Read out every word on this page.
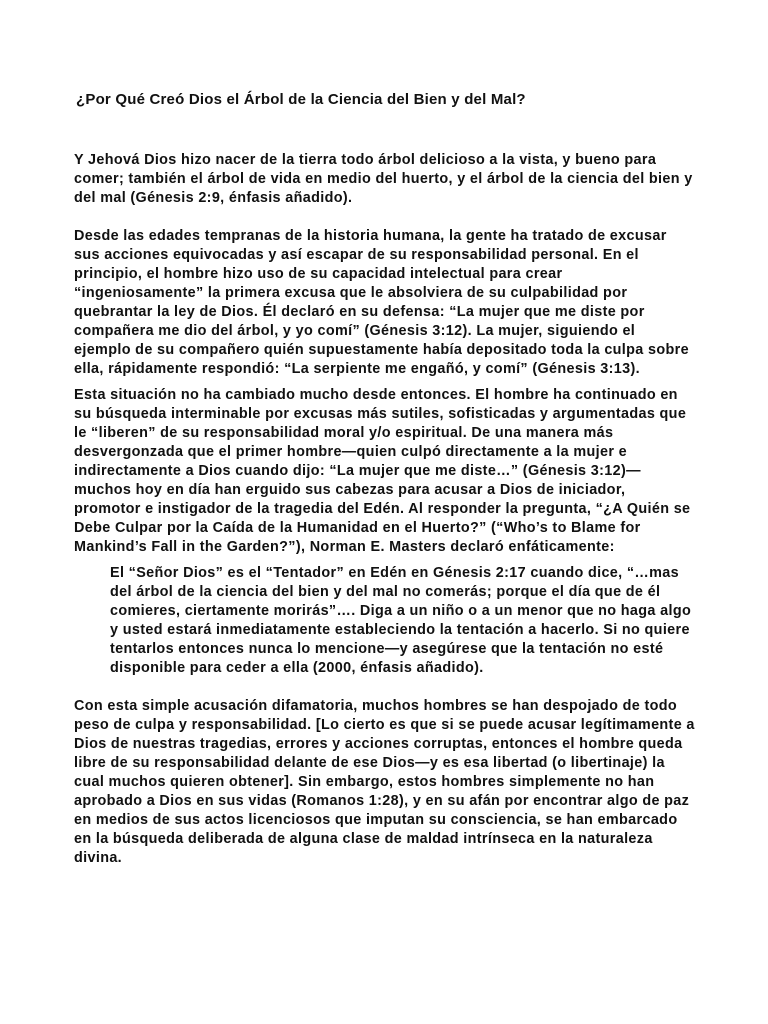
¿Por Qué Creó Dios el Árbol de la Ciencia del Bien y del Mal?

Y Jehová Dios hizo nacer de la tierra todo árbol delicioso a la vista, y bueno para comer; también el árbol de vida en medio del huerto, y el árbol de la ciencia del bien y del mal (Génesis 2:9, énfasis añadido).

Desde las edades tempranas de la historia humana, la gente ha tratado de excusar sus acciones equivocadas y así escapar de su responsabilidad personal. En el principio, el hombre hizo uso de su capacidad intelectual para crear “ingeniosamente” la primera excusa que le absolviera de su culpabilidad por quebrantar la ley de Dios. Él declaró en su defensa: “La mujer que me diste por compañera me dio del árbol, y yo comí” (Génesis 3:12). La mujer, siguiendo el ejemplo de su compañero quién supuestamente había depositado toda la culpa sobre ella, rápidamente respondió: “La serpiente me engañó, y comí” (Génesis 3:13).

Esta situación no ha cambiado mucho desde entonces. El hombre ha continuado en su búsqueda interminable por excusas más sutiles, sofisticadas y argumentadas que le “liberen” de su responsabilidad moral y/o espiritual. De una manera más desvergonzada que el primer hombre—quien culpó directamente a la mujer e indirectamente a Dios cuando dijo: “La mujer que me diste…” (Génesis 3:12)—muchos hoy en día han erguido sus cabezas para acusar a Dios de iniciador, promotor e instigador de la tragedia del Edén. Al responder la pregunta, “¿A Quién se Debe Culpar por la Caída de la Humanidad en el Huerto?” (“Who’s to Blame for Mankind’s Fall in the Garden?”), Norman E. Masters declaró enfáticamente:

El “Señor Dios” es el “Tentador” en Edén en Génesis 2:17 cuando dice, “…mas del árbol de la ciencia del bien y del mal no comerás; porque el día que de él comieres, ciertamente morirás”…. Diga a un niño o a un menor que no haga algo y usted estará inmediatamente estableciendo la tentación a hacerlo. Si no quiere tentarlos entonces nunca lo mencione—y asegúrese que la tentación no esté disponible para ceder a ella (2000, énfasis añadido).

Con esta simple acusación difamatoria, muchos hombres se han despojado de todo peso de culpa y responsabilidad. [Lo cierto es que si se puede acusar legítimamente a Dios de nuestras tragedias, errores y acciones corruptas, entonces el hombre queda libre de su responsabilidad delante de ese Dios—y es esa libertad (o libertinaje) la cual muchos quieren obtener]. Sin embargo, estos hombres simplemente no han aprobado a Dios en sus vidas (Romanos 1:28), y en su afán por encontrar algo de paz en medios de sus actos licenciosos que imputan su consciencia, se han embarcado en la búsqueda deliberada de alguna clase de maldad intrínseca en la naturaleza divina.
